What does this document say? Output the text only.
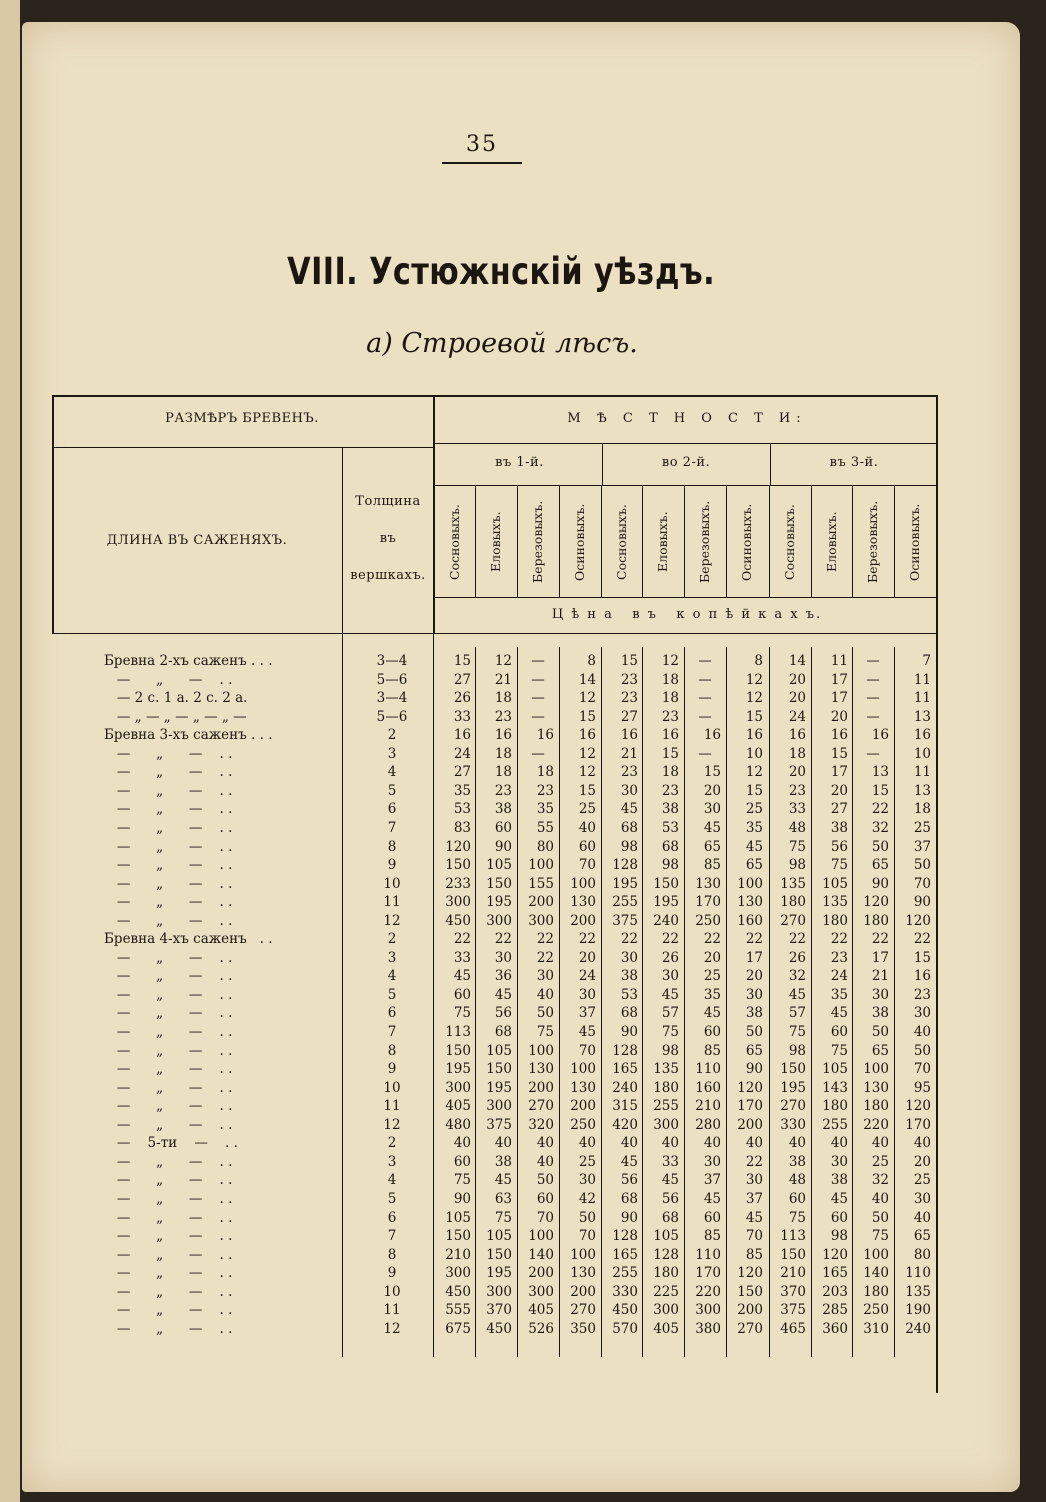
35
VIII. Устюжнскій уѣздъ.
a) Строевой лѣсъ.
РАЗМѢРЪ БРЕВЕНЪ.	М Ѣ С Т Н О С Т И:
ДЛИНА ВЪ САЖЕНЯХЪ.
Толщина
въ
вершкахъ.
въ 1-й.	во 2-й.	въ 3-й.
Ц ѣ н а   в ъ   к о п ѣ й к а х ъ.
Сосновыхъ. Еловыхъ. Березовыхъ. Осиновыхъ. Сосновыхъ. Еловыхъ. Березовыхъ. Осиновыхъ. Сосновыхъ. Еловыхъ. Березовыхъ. Осиновыхъ.
Бревна 2-хъ саженъ . . .	3—4	15	12	—	8	15	12	—	8	14	11	—	7
—      „      —    . .	5—6	27	21	—	14	23	18	—	12	20	17	—	11
— 2 с. 1 а. 2 с. 2 а.	3—4	26	18	—	12	23	18	—	12	20	17	—	11
— „ — „ — „ — „ —	5—6	33	23	—	15	27	23	—	15	24	20	—	13
Бревна 3-хъ саженъ . . .	2	16	16	16	16	16	16	16	16	16	16	16	16
—      „      —    . .	3	24	18	—	12	21	15	—	10	18	15	—	10
—      „      —    . .	4	27	18	18	12	23	18	15	12	20	17	13	11
—      „      —    . .	5	35	23	23	15	30	23	20	15	23	20	15	13
—      „      —    . .	6	53	38	35	25	45	38	30	25	33	27	22	18
—      „      —    . .	7	83	60	55	40	68	53	45	35	48	38	32	25
—      „      —    . .	8	120	90	80	60	98	68	65	45	75	56	50	37
—      „      —    . .	9	150	105	100	70	128	98	85	65	98	75	65	50
—      „      —    . .	10	233	150	155	100	195	150	130	100	135	105	90	70
—      „      —    . .	11	300	195	200	130	255	195	170	130	180	135	120	90
—      „      —    . .	12	450	300	300	200	375	240	250	160	270	180	180	120
Бревна 4-хъ саженъ   . .	2	22	22	22	22	22	22	22	22	22	22	22	22
—      „      —    . .	3	33	30	22	20	30	26	20	17	26	23	17	15
—      „      —    . .	4	45	36	30	24	38	30	25	20	32	24	21	16
—      „      —    . .	5	60	45	40	30	53	45	35	30	45	35	30	23
—      „      —    . .	6	75	56	50	37	68	57	45	38	57	45	38	30
—      „      —    . .	7	113	68	75	45	90	75	60	50	75	60	50	40
—      „      —    . .	8	150	105	100	70	128	98	85	65	98	75	65	50
—      „      —    . .	9	195	150	130	100	165	135	110	90	150	105	100	70
—      „      —    . .	10	300	195	200	130	240	180	160	120	195	143	130	95
—      „      —    . .	11	405	300	270	200	315	255	210	170	270	180	180	120
—      „      —    . .	12	480	375	320	250	420	300	280	200	330	255	220	170
—    5-ти    —    . .	2	40	40	40	40	40	40	40	40	40	40	40	40
—      „      —    . .	3	60	38	40	25	45	33	30	22	38	30	25	20
—      „      —    . .	4	75	45	50	30	56	45	37	30	48	38	32	25
—      „      —    . .	5	90	63	60	42	68	56	45	37	60	45	40	30
—      „      —    . .	6	105	75	70	50	90	68	60	45	75	60	50	40
—      „      —    . .	7	150	105	100	70	128	105	85	70	113	98	75	65
—      „      —    . .	8	210	150	140	100	165	128	110	85	150	120	100	80
—      „      —    . .	9	300	195	200	130	255	180	170	120	210	165	140	110
—      „      —    . .	10	450	300	300	200	330	225	220	150	370	203	180	135
—      „      —    . .	11	555	370	405	270	450	300	300	200	375	285	250	190
—      „      —    . .	12	675	450	526	350	570	405	380	270	465	360	310	240
